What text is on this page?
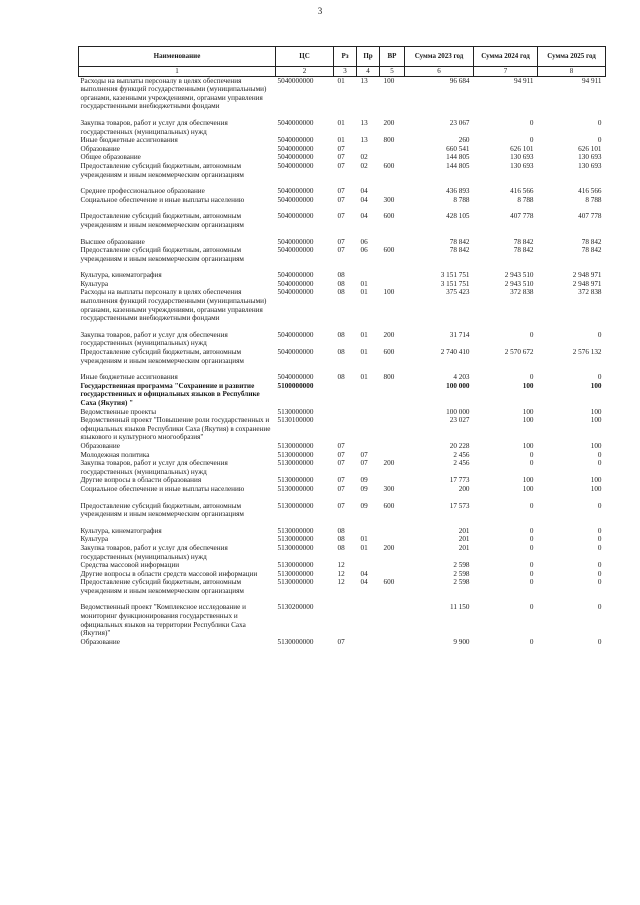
3
Наименование	ЦС	Рз	Пр	ВР	Сумма 2023 год	Сумма 2024 год	Сумма 2025 год
1	2	3	4	5	6	7	8
Расходы на выплаты персоналу в целях обеспечения выполнения функций государственными (муниципальными) органами, казенными учреждениями, органами управления государственными внебюджетными фондами	5040000000	01	13	100	96 684	94 911	94 911

Закупка товаров, работ и услуг для обеспечения государственных (муниципальных) нужд	5040000000	01	13	200	23 067	0	0
Иные бюджетные ассигнования	5040000000	01	13	800	260	0	0
Образование	5040000000	07			660 541	626 101	626 101
Общее образование	5040000000	07	02		144 805	130 693	130 693
Предоставление субсидий бюджетным, автономным учреждениям и иным некоммерческим организациям	5040000000	07	02	600	144 805	130 693	130 693

Среднее профессиональное образование	5040000000	07	04		436 893	416 566	416 566
Социальное обеспечение и иные выплаты населению	5040000000	07	04	300	8 788	8 788	8 788

Предоставление субсидий бюджетным, автономным учреждениям и иным некоммерческим организациям	5040000000	07	04	600	428 105	407 778	407 778

Высшее образование	5040000000	07	06		78 842	78 842	78 842
Предоставление субсидий бюджетным, автономным учреждениям и иным некоммерческим организациям	5040000000	07	06	600	78 842	78 842	78 842

Культура, кинематография	5040000000	08			3 151 751	2 943 510	2 948 971
Культура	5040000000	08	01		3 151 751	2 943 510	2 948 971
Расходы на выплаты персоналу в целях обеспечения выполнения функций государственными (муниципальными) органами, казенными учреждениями, органами управления государственными внебюджетными фондами	5040000000	08	01	100	375 423	372 838	372 838

Закупка товаров, работ и услуг для обеспечения государственных (муниципальных) нужд	5040000000	08	01	200	31 714	0	0
Предоставление субсидий бюджетным, автономным учреждениям и иным некоммерческим организациям	5040000000	08	01	600	2 740 410	2 570 672	2 576 132

Иные бюджетные ассигнования	5040000000	08	01	800	4 203	0	0
Государственная программа "Сохранение и развитие государственных и официальных языков в Республике Саха (Якутия) "	5100000000				100 000	100	100
Ведомственные проекты	5130000000				100 000	100	100
Ведомственный проект "Повышение роли государственных и официальных языков Республики Саха (Якутия) в сохранение языкового и культурного многообразия"	5130100000				23 027	100	100
Образование	5130000000	07			20 228	100	100
Молодежная политика	5130000000	07	07		2 456	0	0
Закупка товаров, работ и услуг для обеспечения государственных (муниципальных) нужд	5130000000	07	07	200	2 456	0	0
Другие вопросы в области образования	5130000000	07	09		17 773	100	100
Социальное обеспечение и иные выплаты населению	5130000000	07	09	300	200	100	100

Предоставление субсидий бюджетным, автономным учреждениям и иным некоммерческим организациям	5130000000	07	09	600	17 573	0	0

Культура, кинематография	5130000000	08			201	0	0
Культура	5130000000	08	01		201	0	0
Закупка товаров, работ и услуг для обеспечения государственных (муниципальных) нужд	5130000000	08	01	200	201	0	0
Средства массовой информации	5130000000	12			2 598	0	0
Другие вопросы в области средств массовой информации	5130000000	12	04		2 598	0	0
Предоставление субсидий бюджетным, автономным учреждениям и иным некоммерческим организациям	5130000000	12	04	600	2 598	0	0

Ведомственный проект "Комплексное исследование и мониторинг функционирования государственных и официальных языков на территории Республики Саха (Якутия)"	5130200000				11 150	0	0
Образование	5130000000	07			9 900	0	0
